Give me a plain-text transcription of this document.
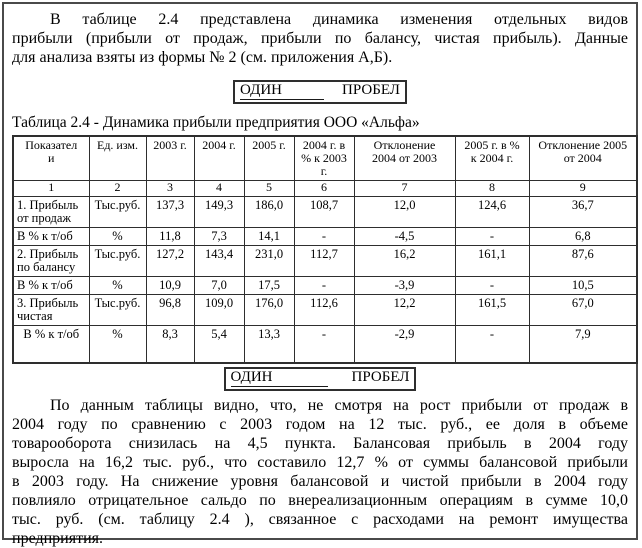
В таблице 2.4 представлена динамика изменения отдельных видов
прибыли (прибыли от продаж, прибыли по балансу, чистая прибыль). Данные
для анализа взяты из формы № 2 (см. приложения А,Б).
ОДИН	ПРОБЕЛ
Таблица 2.4 - Динамика прибыли предприятия ООО «Альфа»
Показатели	Ед. изм.	2003 г.	2004 г.	2005 г.	2004 г. в % к 2003 г.	Отклонение 2004 от 2003	2005 г. в % к 2004 г.	Отклонение 2005 от 2004
1	2	3	4	5	6	7	8	9
1. Прибыль от продаж	Тыс.руб.	137,3	149,3	186,0	108,7	12,0	124,6	36,7
В % к т/об	%	11,8	7,3	14,1	-	-4,5	-	6,8
2. Прибыль по балансу	Тыс.руб.	127,2	143,4	231,0	112,7	16,2	161,1	87,6
В % к т/об	%	10,9	7,0	17,5	-	-3,9	-	10,5
3. Прибыль чистая	Тыс.руб.	96,8	109,0	176,0	112,6	12,2	161,5	67,0
В % к т/об	%	8,3	5,4	13,3	-	-2,9	-	7,9
ОДИН	ПРОБЕЛ
По данным таблицы видно, что, не смотря на рост прибыли от продаж в
2004 году по сравнению с 2003 годом на 12 тыс. руб., ее доля в объеме
товарооборота снизилась на 4,5 пункта. Балансовая прибыль в 2004 году
выросла на 16,2 тыс. руб., что составило 12,7 % от суммы балансовой прибыли
в 2003 году. На снижение уровня балансовой и чистой прибыли в 2004 году
повлияло отрицательное сальдо по внереализационным операциям в сумме 10,0
тыс. руб. (см. таблицу 2.4 ), связанное с расходами на ремонт имущества
предприятия.
